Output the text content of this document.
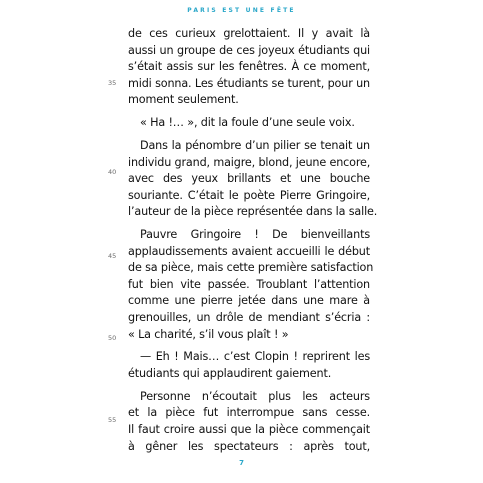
PARIS EST UNE FÊTE
35
40
45
50
55
de ces curieux grelottaient. Il y avait là
aussi un groupe de ces joyeux étudiants qui
s’était assis sur les fenêtres. À ce moment,
midi sonna. Les étudiants se turent, pour un
moment seulement.
« Ha !… », dit la foule d’une seule voix.
Dans la pénombre d’un pilier se tenait un
individu grand, maigre, blond, jeune encore,
avec des yeux brillants et une bouche
souriante. C’était le poète Pierre Gringoire,
l’auteur de la pièce représentée dans la salle.
Pauvre Gringoire ! De bienveillants
applaudissements avaient accueilli le début
de sa pièce, mais cette première satisfaction
fut bien vite passée. Troublant l’attention
comme une pierre jetée dans une mare à
grenouilles, un drôle de mendiant s’écria :
« La charité, s’il vous plaît ! »
— Eh ! Mais… c’est Clopin ! reprirent les
étudiants qui applaudirent gaiement.
Personne n’écoutait plus les acteurs
et la pièce fut interrompue sans cesse.
Il faut croire aussi que la pièce commençait
à gêner les spectateurs : après tout,
7
